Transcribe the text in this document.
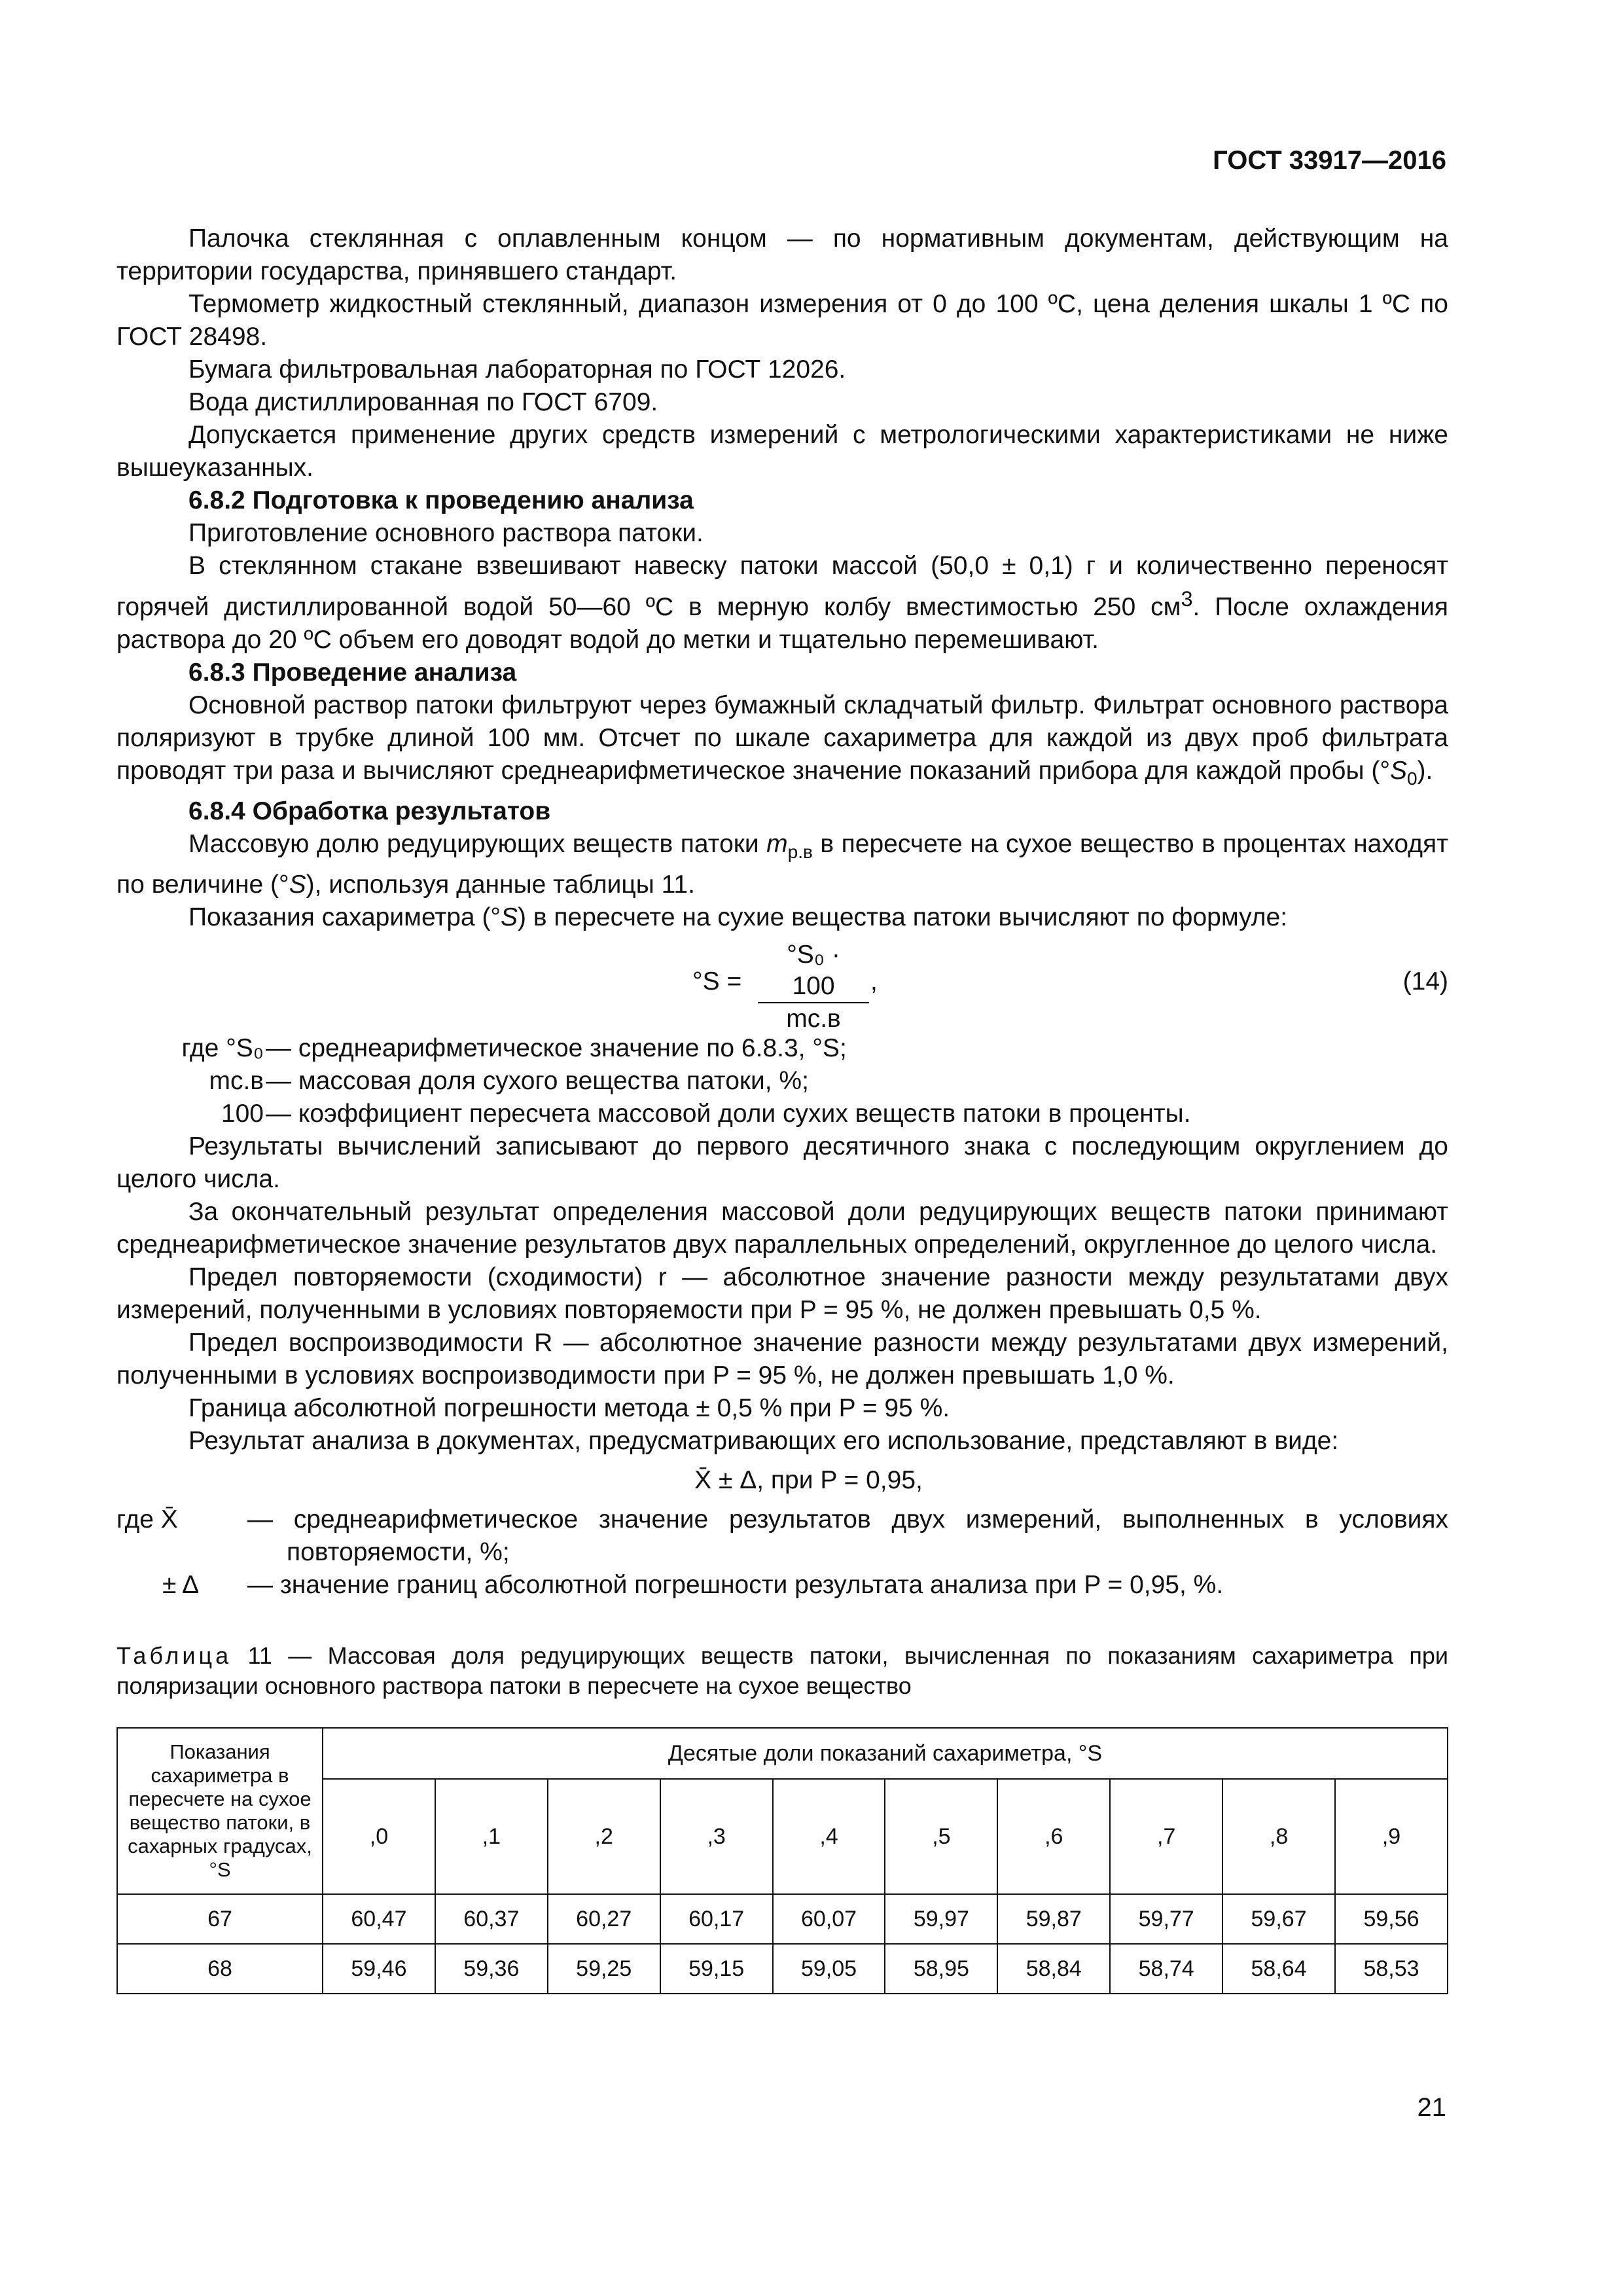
ГОСТ 33917—2016

Палочка стеклянная с оплавленным концом — по нормативным документам, действующим на территории государства, принявшего стандарт.

Термометр жидкостный стеклянный, диапазон измерения от 0 до 100 ºС, цена деления шкалы 1 ºС по ГОСТ 28498.

Бумага фильтровальная лабораторная по ГОСТ 12026.

Вода дистиллированная по ГОСТ 6709.

Допускается применение других средств измерений с метрологическими характеристиками не ниже вышеуказанных.

6.8.2 Подготовка к проведению анализа

Приготовление основного раствора патоки.

В стеклянном стакане взвешивают навеску патоки массой (50,0 ± 0,1) г и количественно переносят горячей дистиллированной водой 50—60 ºС в мерную колбу вместимостью 250 $см^3$. После охлаждения раствора до 20 ºС объем его доводят водой до метки и тщательно перемешивают.

6.8.3 Проведение анализа

Основной раствор патоки фильтруют через бумажный складчатый фильтр. Фильтрат основного раствора поляризуют в трубке длиной 100 мм. Отсчет по шкале сахариметра для каждой из двух проб фильтрата проводят три раза и вычисляют среднеарифметическое значение показаний прибора для каждой пробы $(^\circ S_0)$.

6.8.4 Обработка результатов

Массовую долю редуцирующих веществ патоки $m_{р.в}$ в пересчете на сухое вещество в процентах находят по величине (°S), используя данные таблицы 11.

Показания сахариметра (°S) в пересчете на сухие вещества патоки вычисляют по формуле:

°S =
°S₀ · 100
mс.в
,	(14)
где °S₀ — среднеарифметическое значение по 6.8.3, °S;
mс.в — массовая доля сухого вещества патоки, %;
100 — коэффициент пересчета массовой доли сухих веществ патоки в проценты.

Результаты вычислений записывают до первого десятичного знака с последующим округлением до целого числа.

За окончательный результат определения массовой доли редуцирующих веществ патоки принимают среднеарифметическое значение результатов двух параллельных определений, округленное до целого числа.

Предел повторяемости (сходимости) r — абсолютное значение разности между результатами двух измерений, полученными в условиях повторяемости при P = 95 %, не должен превышать 0,5 %.

Предел воспроизводимости R — абсолютное значение разности между результатами двух измерений, полученными в условиях воспроизводимости при P = 95 %, не должен превышать 1,0 %.

Граница абсолютной погрешности метода ± 0,5 % при P = 95 %.

Результат анализа в документах, предусматривающих его использование, представляют в виде:

X̄ ± Δ, при P = 0,95,
где X̄	— среднеарифметическое значение результатов двух измерений, выполненных в условиях повторяемости, %;
± Δ — значение границ абсолютной погрешности результата анализа при P = 0,95, %.

Таблица 11 — Массовая доля редуцирующих веществ патоки, вычисленная по показаниям сахариметра при поляризации основного раствора патоки в пересчете на сухое вещество

Показания сахариметра в пересчете на сухое вещество патоки, в сахарных градусах, °S	Десятые доли показаний сахариметра, °S									
	,0	,1	,2	,3	,4	,5	,6	,7	,8	,9
67	60,47	60,37	60,27	60,17	60,07	59,97	59,87	59,77	59,67	59,56
68	59,46	59,36	59,25	59,15	59,05	58,95	58,84	58,74	58,64	58,53
21
